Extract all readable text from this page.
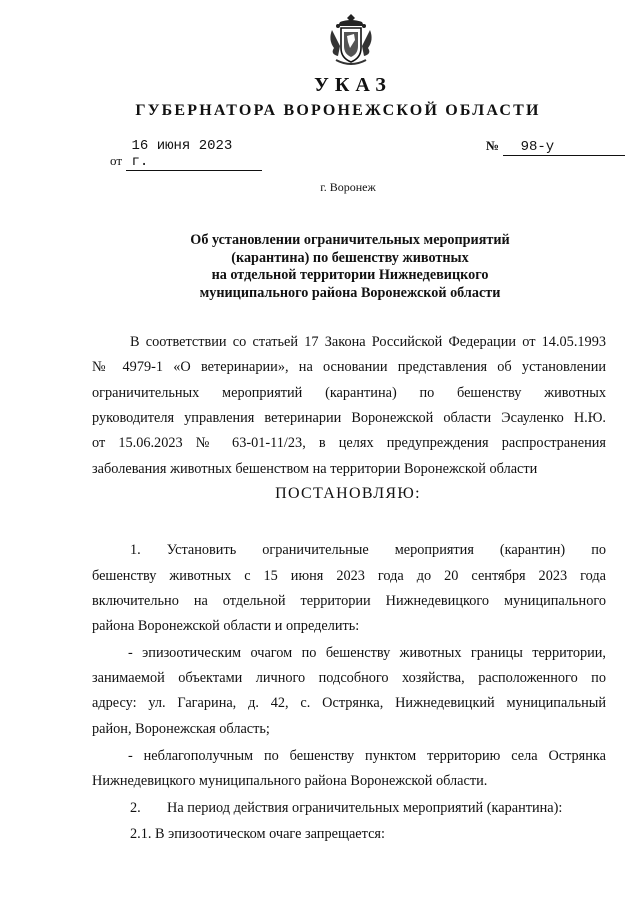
УКАЗ
ГУБЕРНАТОРА ВОРОНЕЖСКОЙ ОБЛАСТИ
от 16 июня 2023 г.
№ 98-у
г. Воронеж
Об установлении ограничительных мероприятий
(карантина) по бешенству животных
на отдельной территории Нижнедевицкого
муниципального района Воронежской области
В соответствии со статьей 17 Закона Российской Федерации от 14.05.1993
№ 4979-1 «О ветеринарии», на основании представления об установлении
ограничительных мероприятий (карантина) по бешенству животных
руководителя управления ветеринарии Воронежской области Эсауленко Н.Ю.
от 15.06.2023 № 63-01-11/23, в целях предупреждения распространения
заболевания животных бешенством на территории Воронежской области
ПОСТАНОВЛЯЮ:
1. Установить ограничительные мероприятия (карантин) по
бешенству животных с 15 июня 2023 года до 20 сентября 2023 года
включительно на отдельной территории Нижнедевицкого муниципального
района Воронежской области и определить:
- эпизоотическим очагом по бешенству животных границы территории,
занимаемой объектами личного подсобного хозяйства, расположенного по
адресу: ул. Гагарина, д. 42, с. Острянка, Нижнедевицкий муниципальный
район, Воронежская область;
- неблагополучным по бешенству пунктом территорию села Острянка
Нижнедевицкого муниципального района Воронежской области.
2. На период действия ограничительных мероприятий (карантина):
2.1. В эпизоотическом очаге запрещается:
